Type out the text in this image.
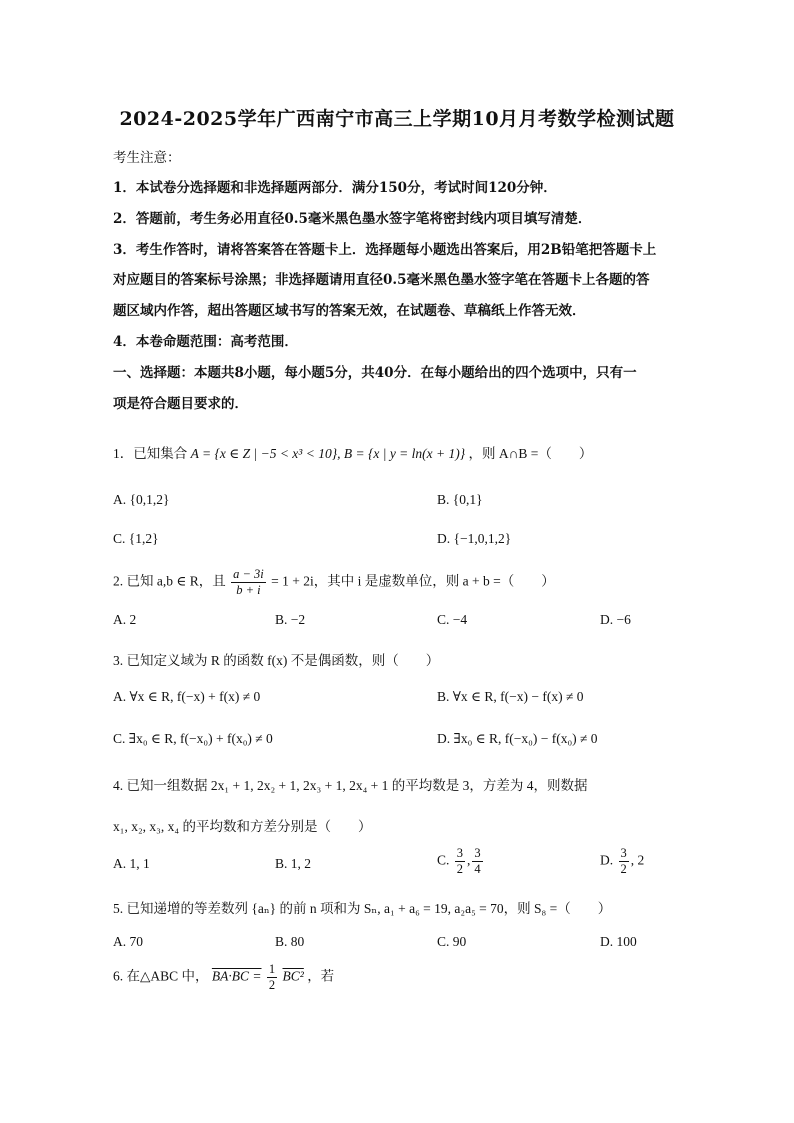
2024-2025学年广西南宁市高三上学期10月月考数学检测试题
考生注意：
1．本试卷分选择题和非选择题两部分．满分150分，考试时间120分钟．
2．答题前，考生务必用直径0.5毫米黑色墨水签字笔将密封线内项目填写清楚．
3．考生作答时，请将答案答在答题卡上．选择题每小题选出答案后，用2B铅笔把答题卡上
对应题目的答案标号涂黑；非选择题请用直径0.5毫米黑色墨水签字笔在答题卡上各题的答
题区域内作答，超出答题区域书写的答案无效，在试题卷、草稿纸上作答无效．
4．本卷命题范围：高考范围．
一、选择题：本题共8小题，每小题5分，共40分．在每小题给出的四个选项中，只有一
项是符合题目要求的．
1．已知集合 A = {x ∈ Z | −5 < x³ < 10}, B = {x | y = ln(x + 1)} ，则 A∩B =（　　）
A. {0,1,2}	B. {0,1}
C. {1,2}	D. {−1,0,1,2}
2. 已知 a,b ∈ R，且 $\frac{a - 3i}{b + i} = 1 + 2i$，其中 i 是虚数单位，则 a + b =（　　）
A. 2	B. −2	C. −4	D. −6
3. 已知定义域为 R 的函数 f(x) 不是偶函数，则（　　）
A. ∀x ∈ R, f(−x) + f(x) ≠ 0	B. ∀x ∈ R, f(−x) − f(x) ≠ 0
C. ∃x₀ ∈ R, f(−x₀) + f(x₀) ≠ 0	D. ∃x₀ ∈ R, f(−x₀) − f(x₀) ≠ 0
4. 已知一组数据 2x₁ + 1, 2x₂ + 1, 2x₃ + 1, 2x₄ + 1 的平均数是 3，方差为 4，则数据
x₁, x₂, x₃, x₄ 的平均数和方差分别是（　　）
A. 1, 1	B. 1, 2	C. $\frac{3}{2}$ , $\frac{3}{4}$	D. $\frac{3}{2}$ , 2
5. 已知递增的等差数列 {aₙ} 的前 n 项和为 Sₙ, a₁ + a₆ = 19, a₂a₅ = 70，则 S₈ =（　　）
A. 70	B. 80	C. 90	D. 100
6. 在△ABC 中， $BA\cdot BC = \frac{1}{2} BC^2$ ，若
